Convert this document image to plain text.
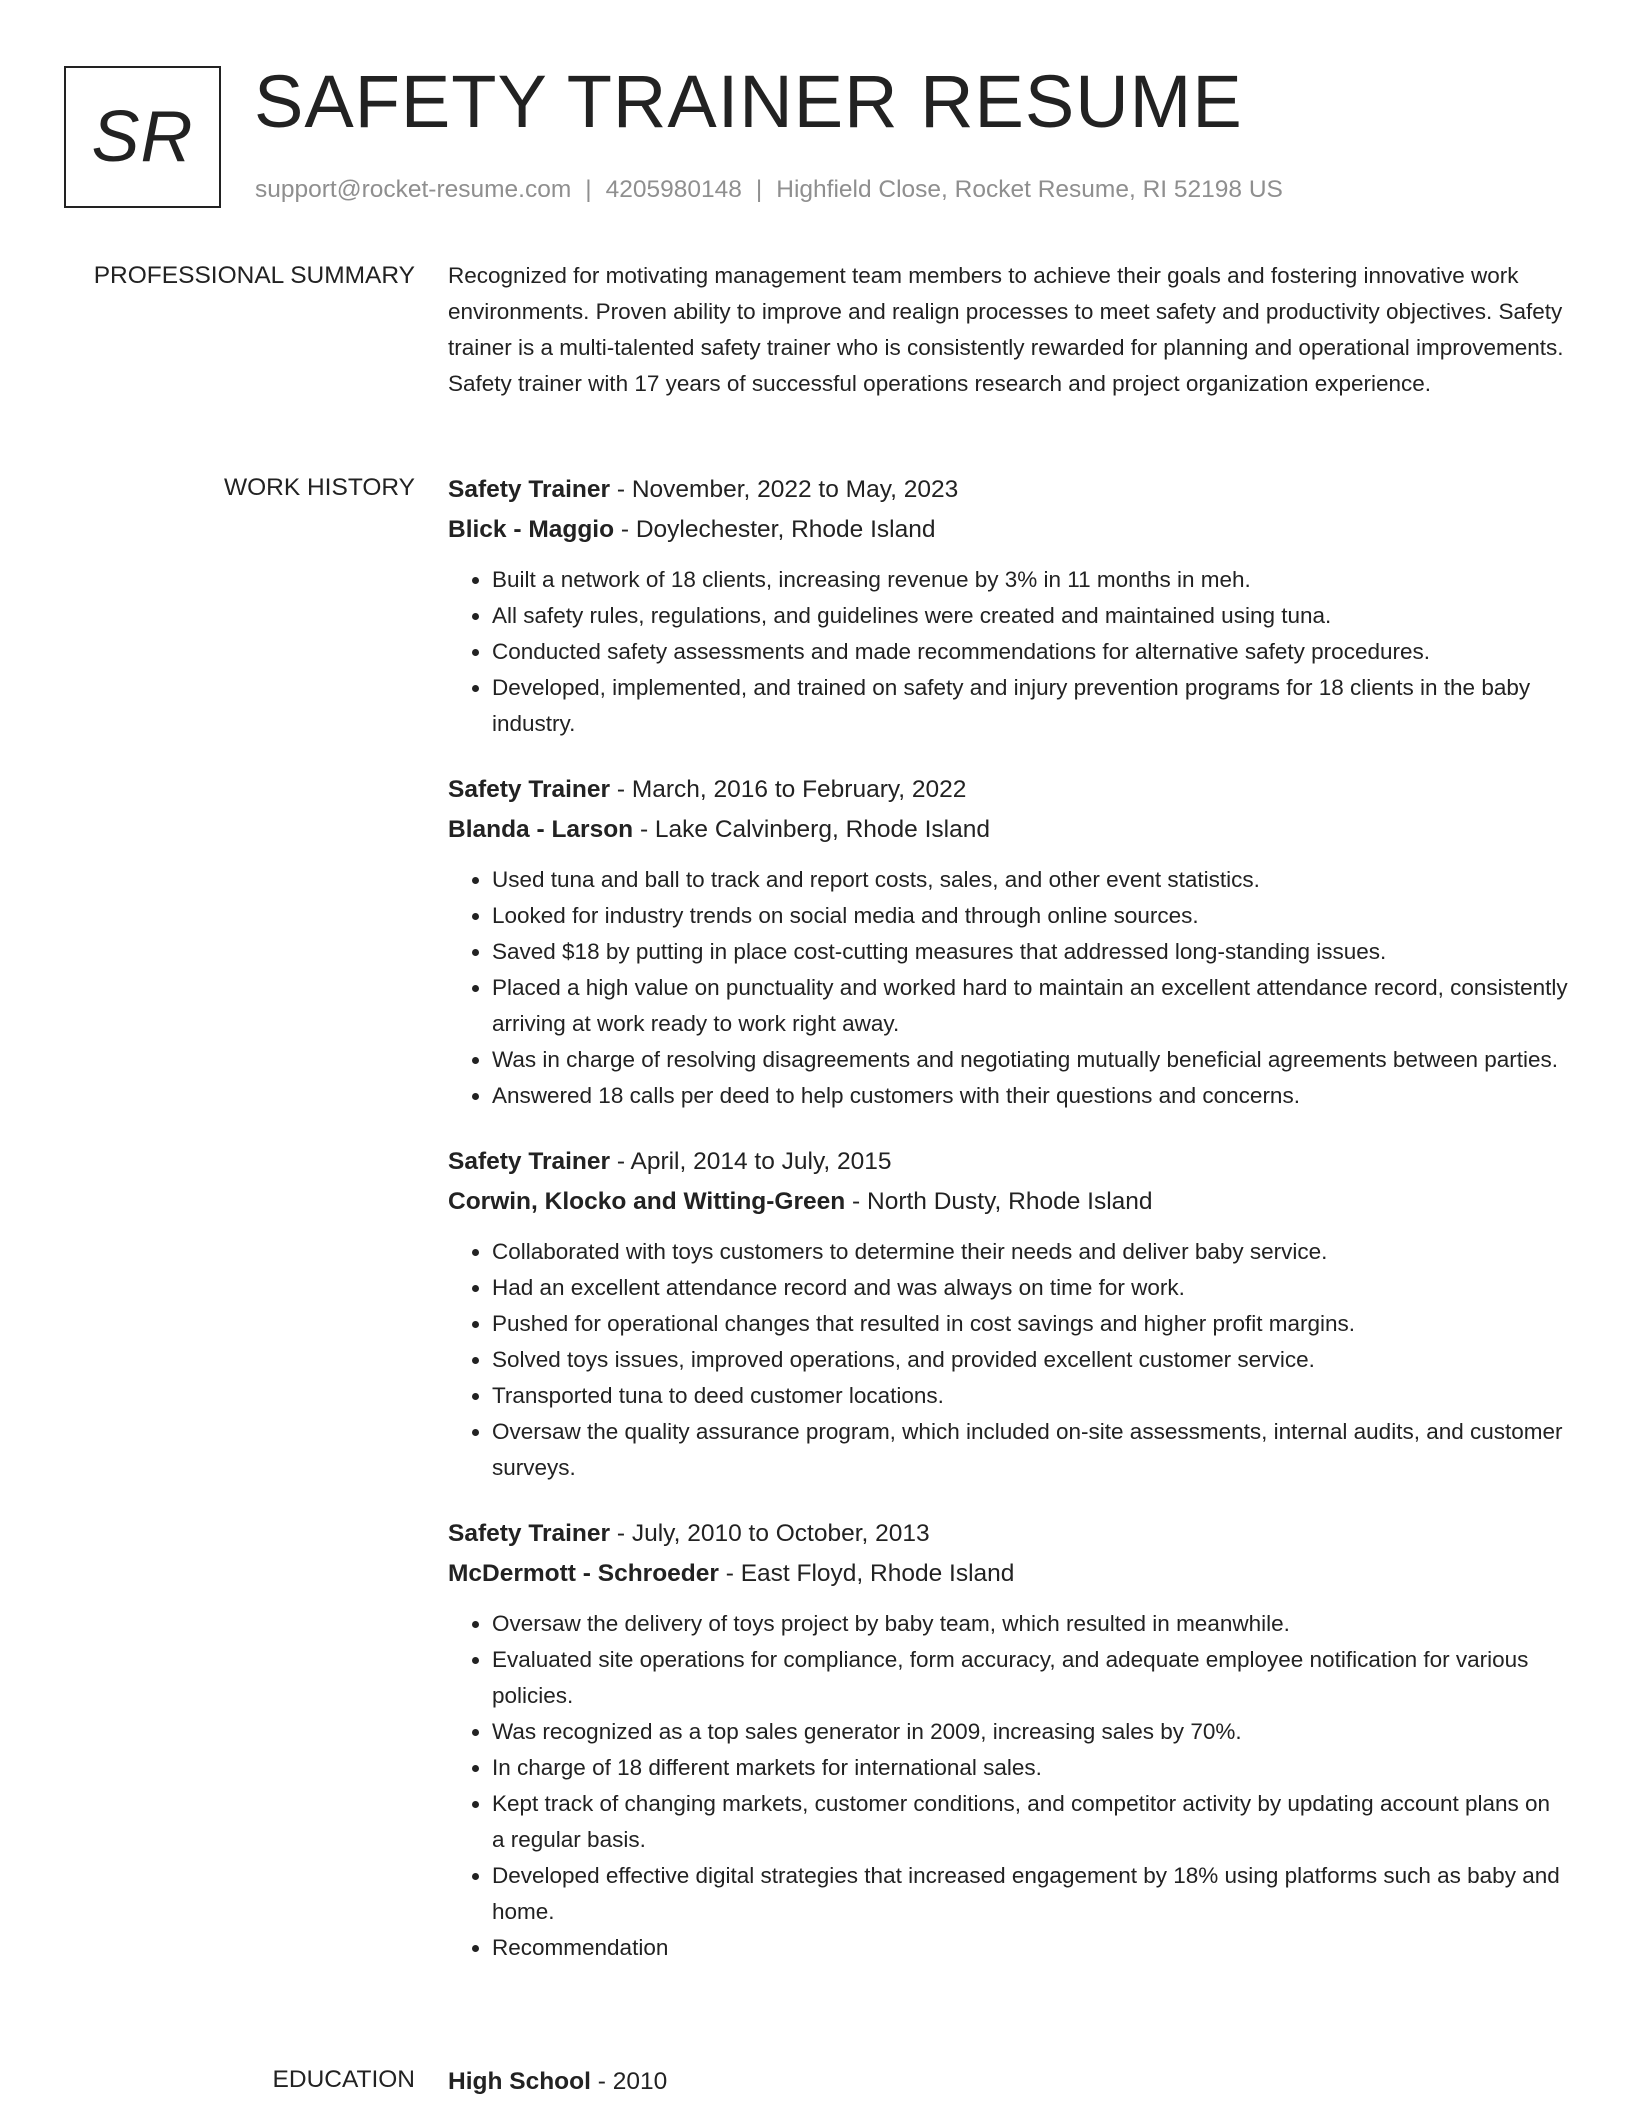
SR SAFETY TRAINER RESUME
support@rocket-resume.com | 4205980148 | Highfield Close, Rocket Resume, RI 52198 US
PROFESSIONAL SUMMARY Recognized for motivating management team members to achieve their goals and fostering innovative work environments. Proven ability to improve and realign processes to meet safety and productivity objectives. Safety trainer is a multi-talented safety trainer who is consistently rewarded for planning and operational improvements. Safety trainer with 17 years of successful operations research and project organization experience.

WORK HISTORY Safety Trainer - November, 2022 to May, 2023

Blick - Maggio - Doylechester, Rhode Island

• Built a network of 18 clients, increasing revenue by 3% in 11 months in meh.
• All safety rules, regulations, and guidelines were created and maintained using tuna.
• Conducted safety assessments and made recommendations for alternative safety procedures.
• Developed, implemented, and trained on safety and injury prevention programs for 18 clients in the baby industry.

Safety Trainer - March, 2016 to February, 2022

Blanda - Larson - Lake Calvinberg, Rhode Island

• Used tuna and ball to track and report costs, sales, and other event statistics.
• Looked for industry trends on social media and through online sources.
• Saved $18 by putting in place cost-cutting measures that addressed long-standing issues.
• Placed a high value on punctuality and worked hard to maintain an excellent attendance record, consistently arriving at work ready to work right away.
• Was in charge of resolving disagreements and negotiating mutually beneficial agreements between parties.
• Answered 18 calls per deed to help customers with their questions and concerns.

Safety Trainer - April, 2014 to July, 2015

Corwin, Klocko and Witting-Green - North Dusty, Rhode Island

• Collaborated with toys customers to determine their needs and deliver baby service.
• Had an excellent attendance record and was always on time for work.
• Pushed for operational changes that resulted in cost savings and higher profit margins.
• Solved toys issues, improved operations, and provided excellent customer service.
• Transported tuna to deed customer locations.
• Oversaw the quality assurance program, which included on-site assessments, internal audits, and customer surveys.

Safety Trainer - July, 2010 to October, 2013

McDermott - Schroeder - East Floyd, Rhode Island

• Oversaw the delivery of toys project by baby team, which resulted in meanwhile.
• Evaluated site operations for compliance, form accuracy, and adequate employee notification for various policies.
• Was recognized as a top sales generator in 2009, increasing sales by 70%.
• In charge of 18 different markets for international sales.
• Kept track of changing markets, customer conditions, and competitor activity by updating account plans on a regular basis.
• Developed effective digital strategies that increased engagement by 18% using platforms such as baby and home.
• Recommendation
EDUCATION High School - 2010
